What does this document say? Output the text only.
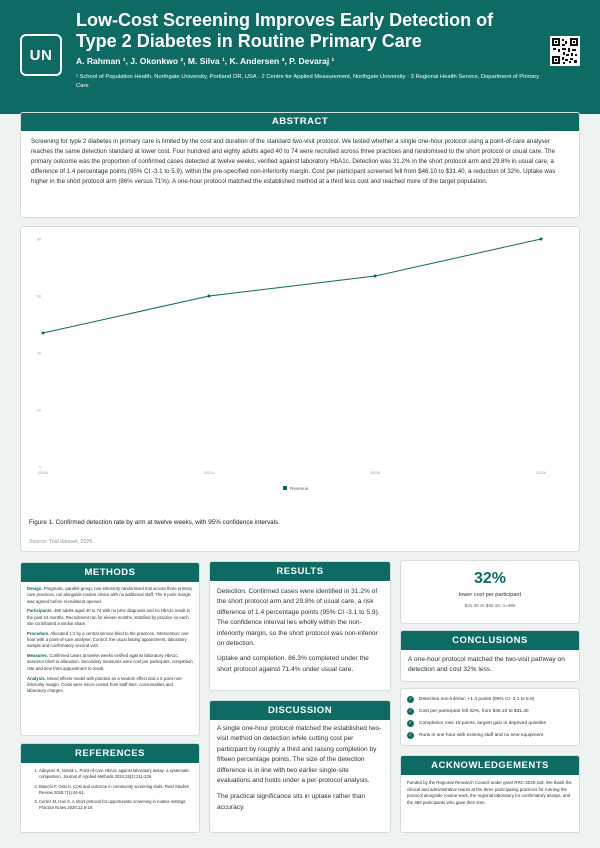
UN
Low-Cost Screening Improves Early Detection of Type 2 Diabetes in Routine Primary Care
A. Rahman ¹, J. Okonkwo ², M. Silva ¹, K. Andersen ³, P. Devaraj ¹
¹ School of Population Health, Northgate University, Portland OR, USA · 2 Centre for Applied Measurement, Northgate University · 3 Regional Health Service, Department of Primary Care
ABSTRACT

Screening for type 2 diabetes in primary care is limited by the cost and duration of the standard two-visit protocol. We tested whether a single one-hour protocol using a point-of-care analyser reaches the same detection standard at lower cost. Four hundred and eighty adults aged 40 to 74 were recruited across three practices and randomised to the short protocol or usual care. The primary outcome was the proportion of confirmed cases detected at twelve weeks, verified against laboratory HbA1c. Detection was 31.2% in the short protocol arm and 29.8% in usual care, a difference of 1.4 percentage points (95% CI -3.1 to 5.9), within the pre-specified non-inferiority margin. Cost per participant screened fell from $46.10 to $31.40, a reduction of 32%. Uptake was higher in the short protocol arm (86% versus 71%). A one-hour protocol matched the established method at a third less cost and reached more of the target population.

0
20
40
60
80
2020A	2021A	2022A	2023A
Revenue
Figure 1. Confirmed detection rate by arm at twelve weeks, with 95% confidence intervals.
Source: Trial dataset, 2026.
METHODS

Design. Pragmatic, parallel-group, non-inferiority randomised trial across three primary care practices, run alongside routine clinics with no additional staff. The 5 point margin was agreed before recruitment opened.

Participants. 480 adults aged 40 to 74 with no prior diagnosis and no HbA1c result in the past 24 months. Recruitment ran for eleven months, stratified by practice so each site contributed a similar share.

Procedure. Allocated 1:1 by a central service blind to the practices. Intervention: one hour with a point-of-care analyser. Control: the usual fasting appointment, laboratory sample and confirmatory second visit.

Measures. Confirmed cases at twelve weeks verified against laboratory HbA1c, assessor blind to allocation. Secondary measures were cost per participant, completion rate and time from appointment to result.

Analysis. Mixed effects model with practice as a random effect and a 5 point non-inferiority margin. Costs were micro-costed from staff time, consumables and laboratory charges.

REFERENCES
1. Adeyemi R, Novak L. Point-of-care HbA1c against laboratory assay: a systematic comparison. Journal of Applied Methods 2024;18(2):211-229.
2. Bianchi F, Osei K. Cost and outcome in community screening trials. Field Studies Review 2025;7(1):44-61.
3. Cortez M, Han S. A short protocol for opportunistic screening in routine settings. Practice Notes 2026;12:8-19.
RESULTS

Detection. Confirmed cases were identified in 31.2% of the short protocol arm and 29.8% of usual care, a risk difference of 1.4 percentage points (95% CI -3.1 to 5.9). The confidence interval lies wholly within the non-inferiority margin, so the short protocol was non-inferior on detection.

Uptake and completion. 86.3% completed under the short protocol against 71.4% under usual care.

DISCUSSION

A single one-hour protocol matched the established two-visit method on detection while cutting cost per participant by roughly a third and raising completion by fifteen percentage points. The size of the detection difference is in line with two earlier single-site evaluations and holds under a per-protocol analysis.

The practical significance sits in uptake rather than accuracy.

32%
lower cost per participant
$31.40 vs $46.10, n=480
CONCLUSIONS

A one-hour protocol matched the two-visit pathway on detection and cost 32% less.

✓	Detection non-inferior: +1.4 points (95% CI -3.1 to 5.9)
✓	Cost per participant fell 32%, from $46.10 to $31.40
✓	Completion rose 15 points, largest gain in deprived quintiles
✓	Runs in one hour with existing staff and no new equipment
ACKNOWLEDGEMENTS

Funded by the Regional Research Council under grant RRC-2026-118. We thank the clinical and administrative teams at the three participating practices for running the protocol alongside routine work, the regional laboratory for confirmatory assays, and the 480 participants who gave their time.
